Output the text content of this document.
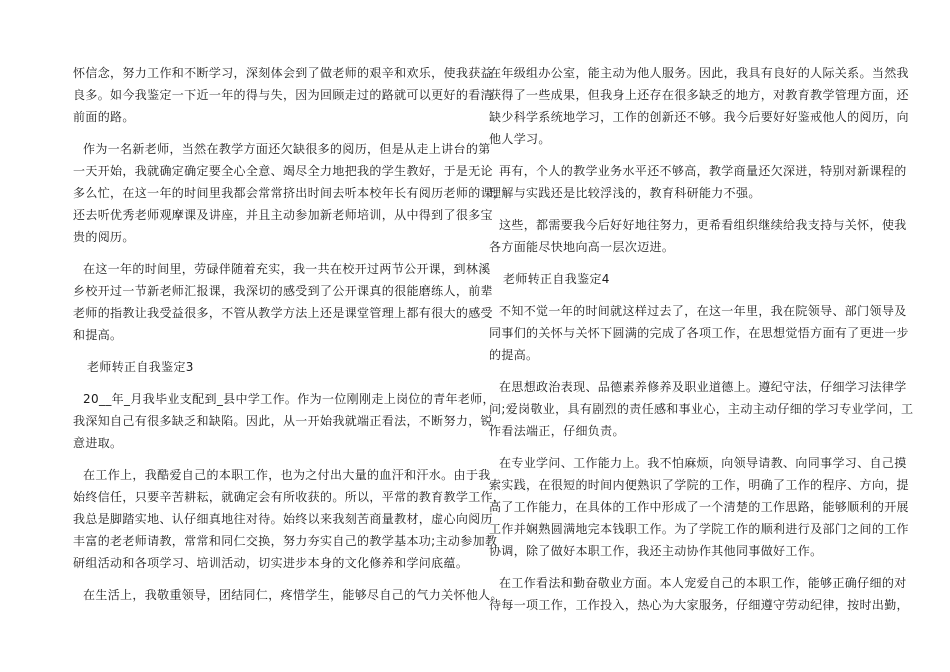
怀信念，努力工作和不断学习，深刻体会到了做老师的艰辛和欢乐，使我获益
良多。如今我鉴定一下近一年的得与失，因为回顾走过的路就可以更好的看清
前面的路。
作为一名新老师，当然在教学方面还欠缺很多的阅历，但是从走上讲台的第
一天开始，我就确定确定要全心全意、竭尽全力地把我的学生教好，于是无论
多么忙，在这一年的时间里我都会常常挤出时间去听本校年长有阅历老师的课，
还去听优秀老师观摩课及讲座，并且主动参加新老师培训，从中得到了很多宝
贵的阅历。
在这一年的时间里，劳碌伴随着充实，我一共在校开过两节公开课，到林溪
乡校开过一节新老师汇报课，我深切的感受到了公开课真的很能磨练人，前辈
老师的指教让我受益很多，不管从教学方法上还是课堂管理上都有很大的感受
和提高。
老师转正自我鉴定3
20__年_月我毕业支配到_县中学工作。作为一位刚刚走上岗位的青年老师，
我深知自己有很多缺乏和缺陷。因此，从一开始我就端正看法，不断努力，锐
意进取。
在工作上，我酷爱自己的本职工作，也为之付出大量的血汗和汗水。由于我
始终信任，只要辛苦耕耘，就确定会有所收获的。所以，平常的教育教学工作，
我总是脚踏实地、认仔细真地往对待。始终以来我刻苦商量教材，虚心向阅历
丰富的老老师请教，常常和同仁交换，努力夯实自己的教学基本功;主动参加教
研组活动和各项学习、培训活动，切实进步本身的文化修养和学问底蕴。
在生活上，我敬重领导，团结同仁，疼惜学生，能够尽自己的气力关怀他人。
在年级组办公室，能主动为他人服务。因此，我具有良好的人际关系。当然我
获得了一些成果，但我身上还存在很多缺乏的地方，对教育教学管理方面，还
缺少科学系统地学习，工作的创新还不够。我今后要好好鉴戒他人的阅历，向
他人学习。
再有，个人的教学业务水平还不够高，教学商量还欠深迸，特别对新课程的
理解与实践还是比较浮浅的，教育科研能力不强。
这些，都需要我今后好好地往努力，更希看组织继续给我支持与关怀，使我
各方面能尽快地向高一层次迈进。
老师转正自我鉴定4
不知不觉一年的时间就这样过去了，在这一年里，我在院领导、部门领导及
同事们的关怀与关怀下圆满的完成了各项工作，在思想觉悟方面有了更进一步
的提高。
在思想政治表现、品德素养修养及职业道德上。遵纪守法，仔细学习法律学
问;爱岗敬业，具有剧烈的责任感和事业心，主动主动仔细的学习专业学问，工
作看法端正，仔细负责。
在专业学问、工作能力上。我不怕麻烦，向领导请教、向同事学习、自己摸
索实践，在很短的时间内便熟识了学院的工作，明确了工作的程序、方向，提
高了工作能力，在具体的工作中形成了一个清楚的工作思路，能够顺利的开展
工作并娴熟圆满地完本钱职工作。为了学院工作的顺利进行及部门之间的工作
协调，除了做好本职工作，我还主动协作其他同事做好工作。
在工作看法和勤奋敬业方面。本人宠爱自己的本职工作，能够正确仔细的对
待每一项工作，工作投入，热心为大家服务，仔细遵守劳动纪律，按时出勤，
